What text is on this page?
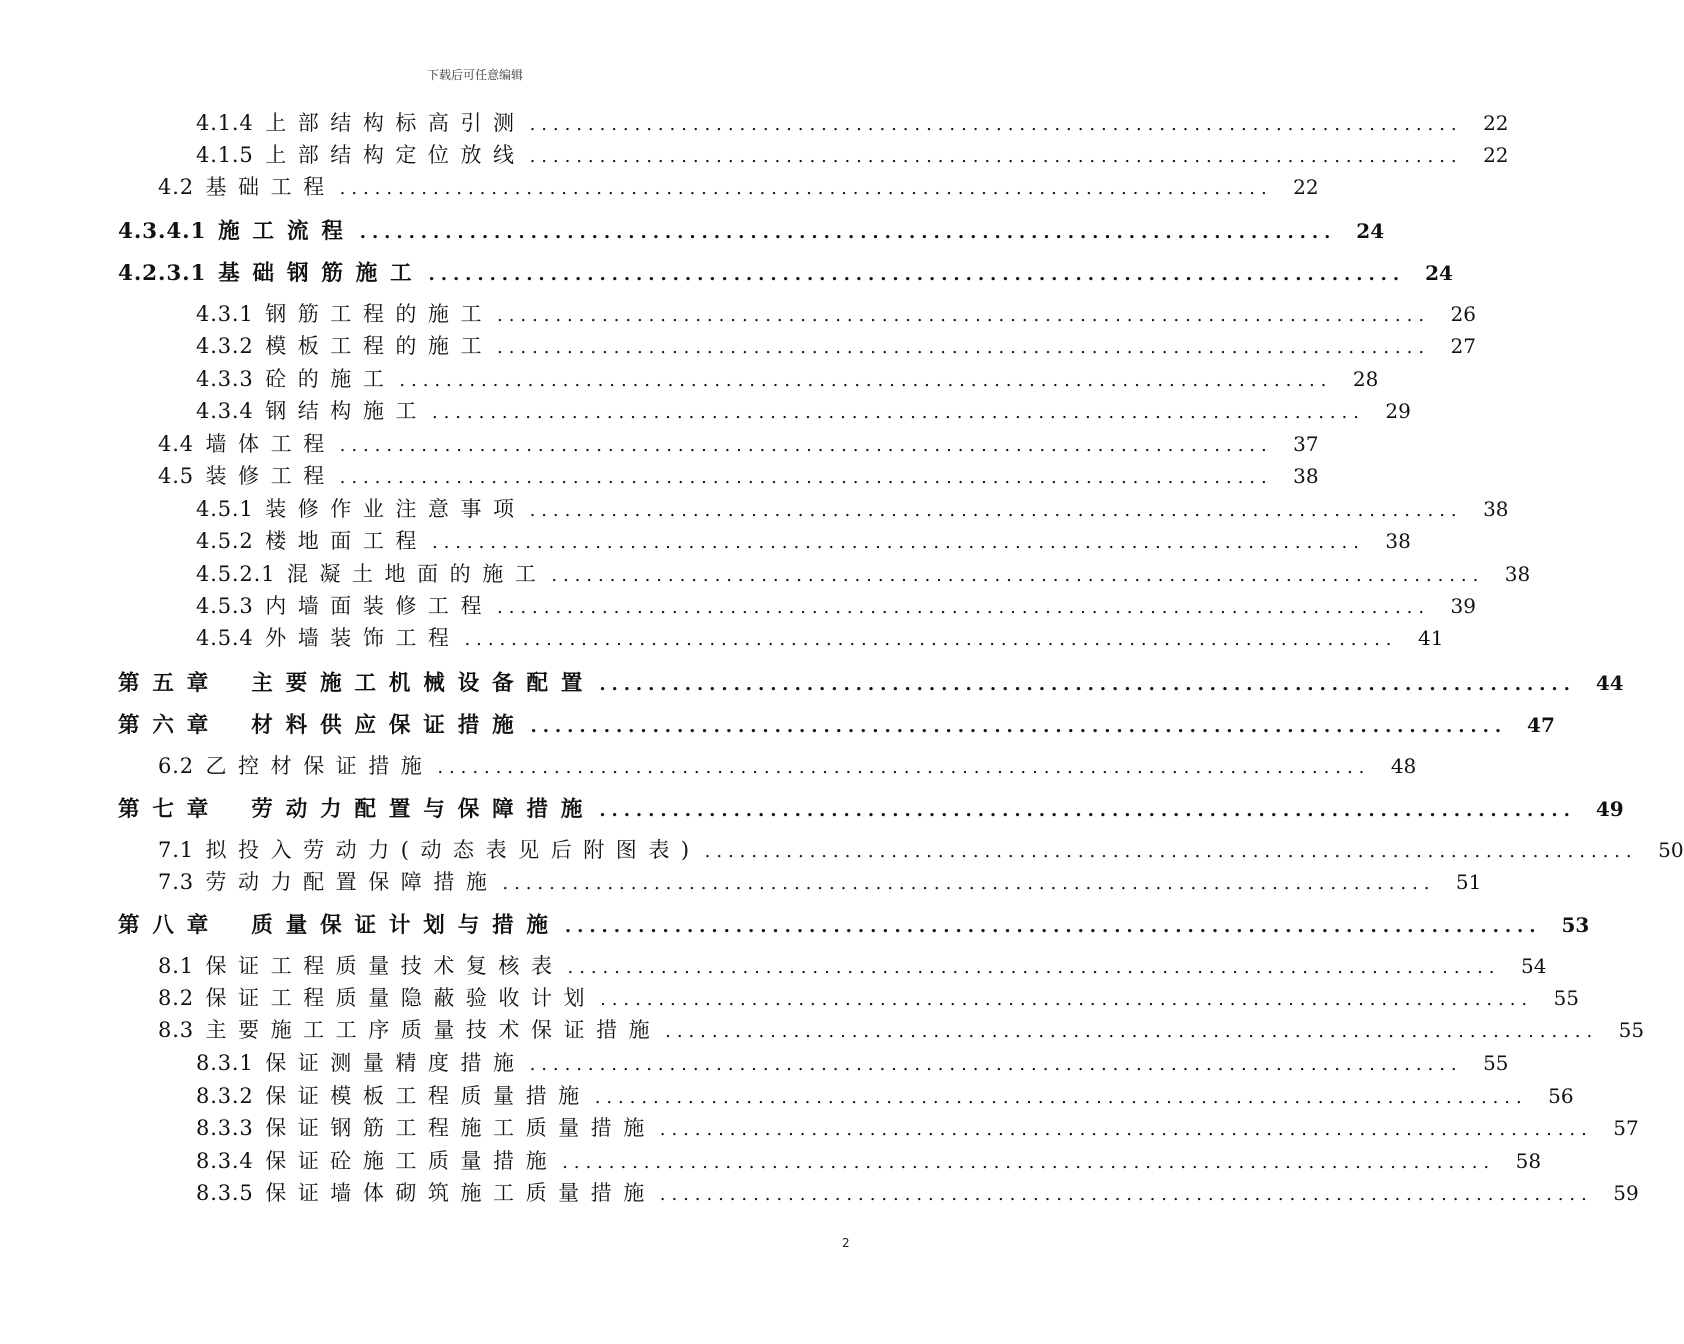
下载后可任意编辑
4.1.4 上部结构标高引测 ................................................................................ 22
4.1.5 上部结构定位放线 ................................................................................ 22
4.2 基础工程 ................................................................................ 22
4.3.4.1 施工流程 ................................................................................ 24
4.2.3.1 基础钢筋施工 ................................................................................ 24
4.3.1 钢筋工程的施工 ................................................................................ 26
4.3.2 模板工程的施工 ................................................................................ 27
4.3.3 砼的施工 ................................................................................ 28
4.3.4 钢结构施工 ................................................................................ 29
4.4 墙体工程 ................................................................................ 37
4.5 装修工程 ................................................................................ 38
4.5.1 装修作业注意事项 ................................................................................ 38
4.5.2 楼地面工程 ................................................................................ 38
4.5.2.1 混凝土地面的施工 ................................................................................ 38
4.5.3 内墙面装修工程 ................................................................................ 39
4.5.4 外墙装饰工程 ................................................................................ 41
第五章 主要施工机械设备配置 ................................................................................ 44
第六章 材料供应保证措施 ................................................................................ 47
6.2 乙控材保证措施 ................................................................................ 48
第七章 劳动力配置与保障措施 ................................................................................ 49
7.1 拟投入劳动力(动态表见后附图表) ................................................................................ 50
7.3 劳动力配置保障措施 ................................................................................ 51
第八章 质量保证计划与措施 ................................................................................ 53
8.1 保证工程质量技术复核表 ................................................................................ 54
8.2 保证工程质量隐蔽验收计划 ................................................................................ 55
8.3 主要施工工序质量技术保证措施 ................................................................................ 55
8.3.1 保证测量精度措施 ................................................................................ 55
8.3.2 保证模板工程质量措施 ................................................................................ 56
8.3.3 保证钢筋工程施工质量措施 ................................................................................ 57
8.3.4 保证砼施工质量措施 ................................................................................ 58
8.3.5 保证墙体砌筑施工质量措施 ................................................................................ 59
2
